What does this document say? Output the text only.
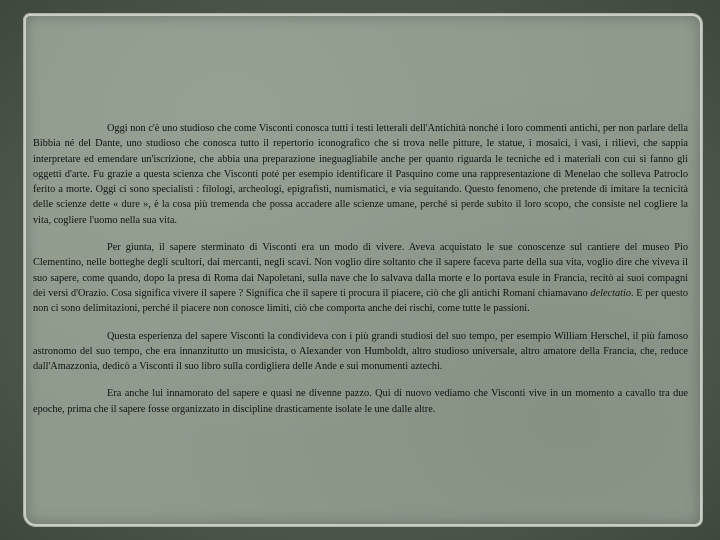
Oggi non c'è uno studioso che come Visconti conosca tutti i testi letterali dell'Antichità nonché i loro commenti antichi, per non parlare della Bibbia né del Dante, uno studioso che conosca tutto il repertorio iconografico che si trova nelle pitture, le statue, i mosaici, i vasi, i rilievi, che sappia interpretare ed emendare un'iscrizione, che abbia una preparazione ineguagliabile anche per quanto riguarda le tecniche ed i materiali con cui si fanno gli oggetti d'arte. Fu grazie a questa scienza che Visconti poté per esempio identificare il Pasquino come una rappresentazione di Menelao che solleva Patroclo ferito a morte. Oggi ci sono specialisti : filologi, archeologi, epigrafisti, numismatici, e via seguitando. Questo fenomeno, che pretende di imitare la tecnicità delle scienze dette « dure », è la cosa più tremenda che possa accadere alle scienze umane, perché si perde subito il loro scopo, che consiste nel cogliere la vita, cogliere l'uomo nella sua vita.

Per giunta, il sapere sterminato di Visconti era un modo di vivere. Aveva acquistato le sue conoscenze sul cantiere del museo Pio Clementino, nelle botteghe degli scultori, dai mercanti, negli scavi. Non voglio dire soltanto che il sapere faceva parte della sua vita, voglio dire che viveva il suo sapere, come quando, dopo la presa di Roma dai Napoletani, sulla nave che lo salvava dalla morte e lo portava esule in Francia, recitò ai suoi compagni dei versi d'Orazio. Cosa significa vivere il sapere ? Significa che il sapere ti procura il piacere, ciò che gli antichi Romani chiamavano delectatio. E per questo non ci sono delimitazioni, perché il piacere non conosce limiti, ciò che comporta anche dei rischi, come tutte le passioni.

Questa esperienza del sapere Visconti la condivideva con i più grandi studiosi del suo tempo, per esempio William Herschel, il più famoso astronomo del suo tempo, che era innanzitutto un musicista, o Alexander von Humboldt, altro studioso universale, altro amatore della Francia, che, reduce dall'Amazzonia, dedicò a Visconti il suo libro sulla cordigliera delle Ande e sui monumenti aztechi.

Era anche lui innamorato del sapere e quasi ne divenne pazzo. Qui di nuovo vediamo che Visconti vive in un momento a cavallo tra due epoche, prima che il sapere fosse organizzato in discipline drasticamente isolate le une dalle altre.
